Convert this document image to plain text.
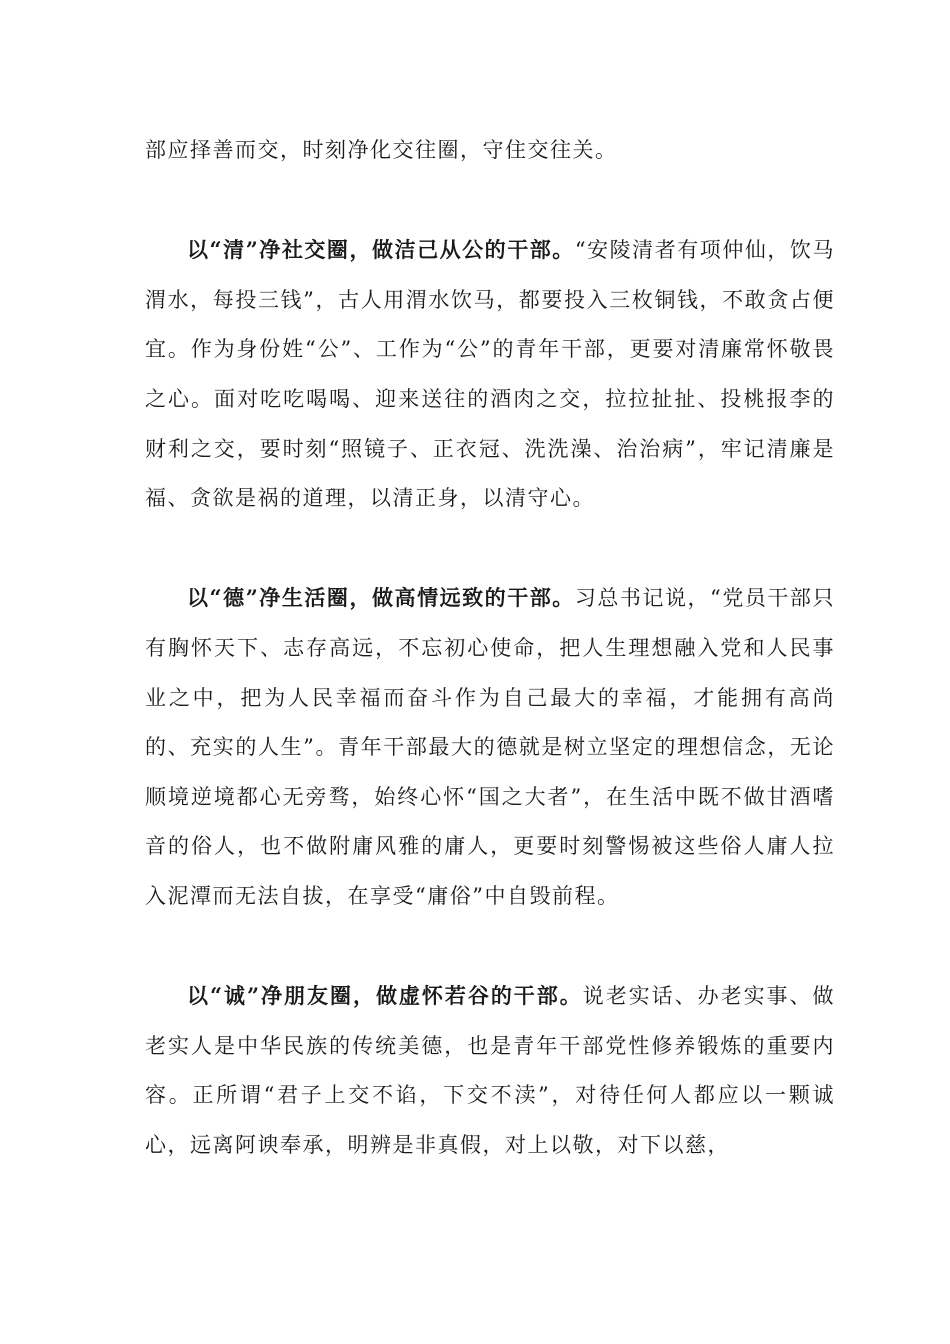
部应择善而交，时刻净化交往圈，守住交往关。

以“清”净社交圈，做洁己从公的干部。“安陵清者有项仲仙，饮马渭水，每投三钱”，古人用渭水饮马，都要投入三枚铜钱，不敢贪占便宜。作为身份姓“公”、工作为“公”的青年干部，更要对清廉常怀敬畏之心。面对吃吃喝喝、迎来送往的酒肉之交，拉拉扯扯、投桃报李的财利之交，要时刻“照镜子、正衣冠、洗洗澡、治治病”，牢记清廉是福、贪欲是祸的道理，以清正身，以清守心。

以“德”净生活圈，做高情远致的干部。习总书记说，“党员干部只有胸怀天下、志存高远，不忘初心使命，把人生理想融入党和人民事业之中，把为人民幸福而奋斗作为自己最大的幸福，才能拥有高尚的、充实的人生”。青年干部最大的德就是树立坚定的理想信念，无论顺境逆境都心无旁骛，始终心怀“国之大者”，在生活中既不做甘酒嗜音的俗人，也不做附庸风雅的庸人，更要时刻警惕被这些俗人庸人拉入泥潭而无法自拔，在享受“庸俗”中自毁前程。

以“诚”净朋友圈，做虚怀若谷的干部。说老实话、办老实事、做老实人是中华民族的传统美德，也是青年干部党性修养锻炼的重要内容。正所谓“君子上交不谄，下交不渎”，对待任何人都应以一颗诚心，远离阿谀奉承，明辨是非真假，对上以敬，对下以慈，
